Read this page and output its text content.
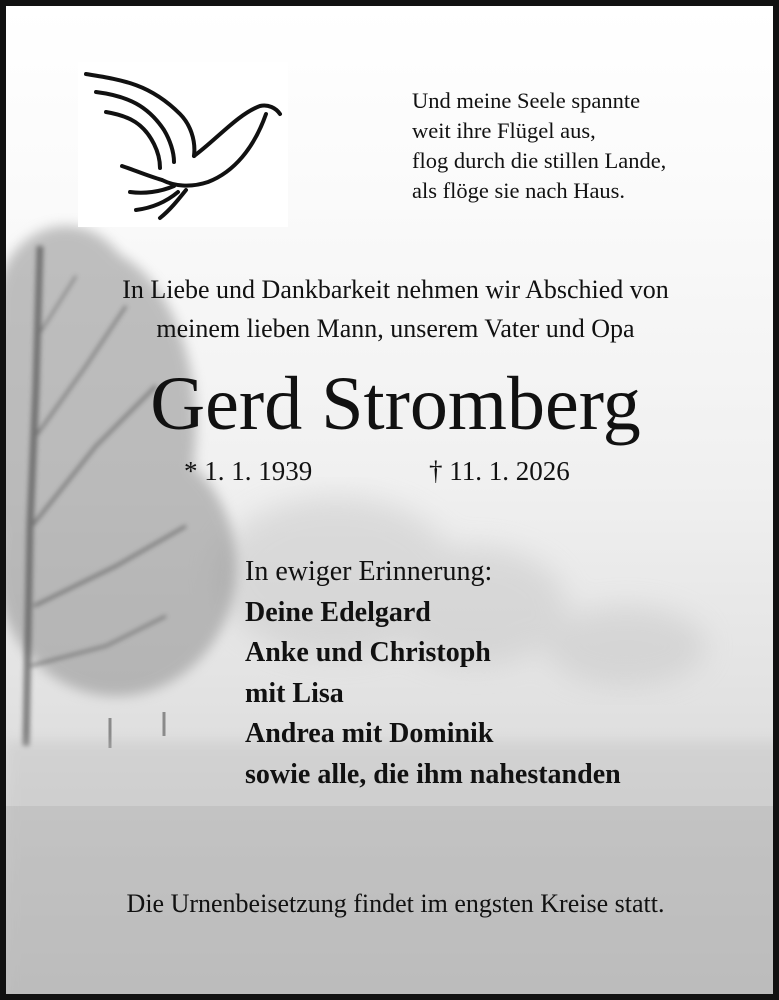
Und meine Seele spannte
weit ihre Flügel aus,
flog durch die stillen Lande,
als flöge sie nach Haus.
In Liebe und Dankbarkeit nehmen wir Abschied von
meinem lieben Mann, unserem Vater und Opa
Gerd Stromberg
* 1. 1. 1939	† 11. 1. 2026
In ewiger Erinnerung:
Deine Edelgard
Anke und Christoph
mit Lisa
Andrea mit Dominik
sowie alle, die ihm nahestanden
Die Urnenbeisetzung findet im engsten Kreise statt.
